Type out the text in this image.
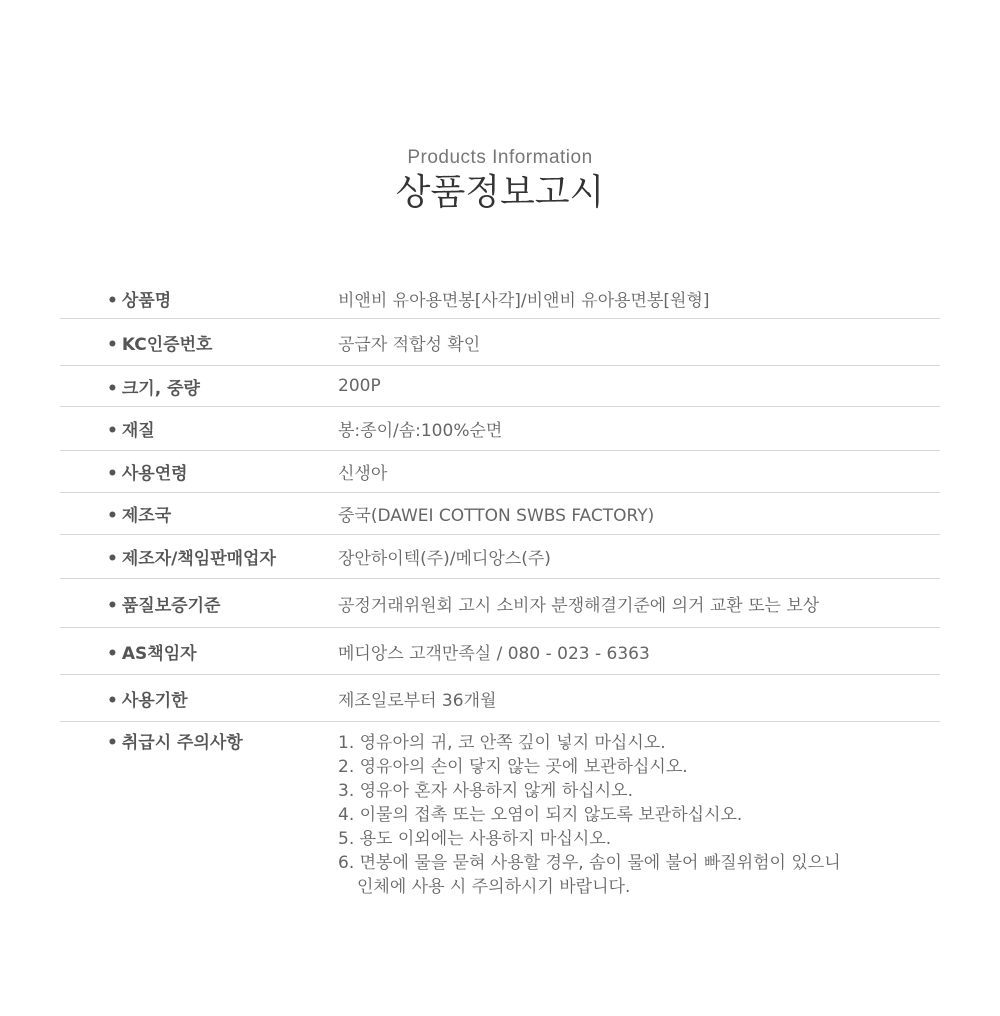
Products Information
상품정보고시
• 상품명	비앤비 유아용면봉[사각]/비앤비 유아용면봉[원형]
• KC인증번호	공급자 적합성 확인
• 크기, 중량	200P
• 재질	봉:종이/솜:100%순면
• 사용연령	신생아
• 제조국	중국(DAWEI COTTON SWBS FACTORY)
• 제조자/책임판매업자	장안하이텍(주)/메디앙스(주)
• 품질보증기준	공정거래위원회 고시 소비자 분쟁해결기준에 의거 교환 또는 보상
• AS책임자	메디앙스 고객만족실 / 080 - 023 - 6363
• 사용기한	제조일로부터 36개월
• 취급시 주의사항	1. 영유아의 귀, 코 안쪽 깊이 넣지 마십시오.
2. 영유아의 손이 닿지 않는 곳에 보관하십시오.
3. 영유아 혼자 사용하지 않게 하십시오.
4. 이물의 접촉 또는 오염이 되지 않도록 보관하십시오.
5. 용도 이외에는 사용하지 마십시오.
6. 면봉에 물을 묻혀 사용할 경우, 솜이 물에 불어 빠질위험이 있으니
인체에 사용 시 주의하시기 바랍니다.
